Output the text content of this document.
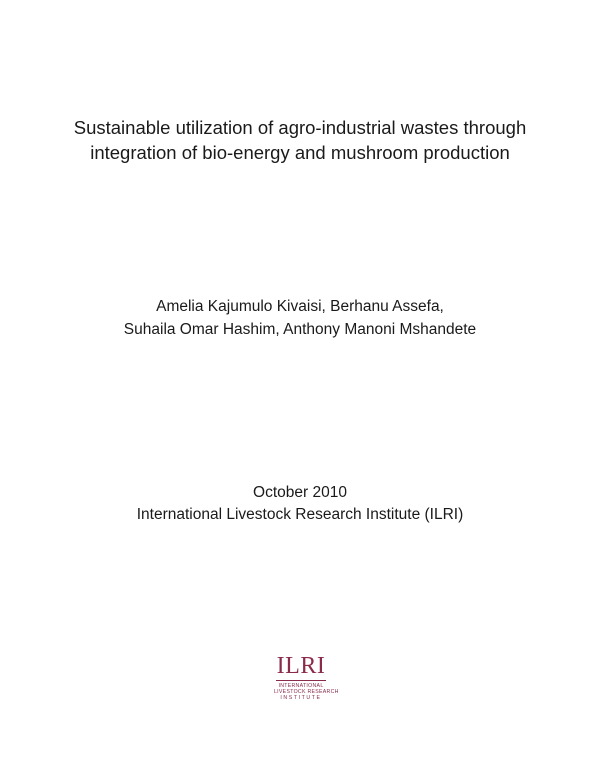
Sustainable utilization of agro-industrial wastes through
integration of bio-energy and mushroom production
Amelia Kajumulo Kivaisi, Berhanu Assefa,
Suhaila Omar Hashim, Anthony Manoni Mshandete
October 2010
International Livestock Research Institute (ILRI)
ILRI
INTERNATIONAL
LIVESTOCK RESEARCH
INSTITUTE
